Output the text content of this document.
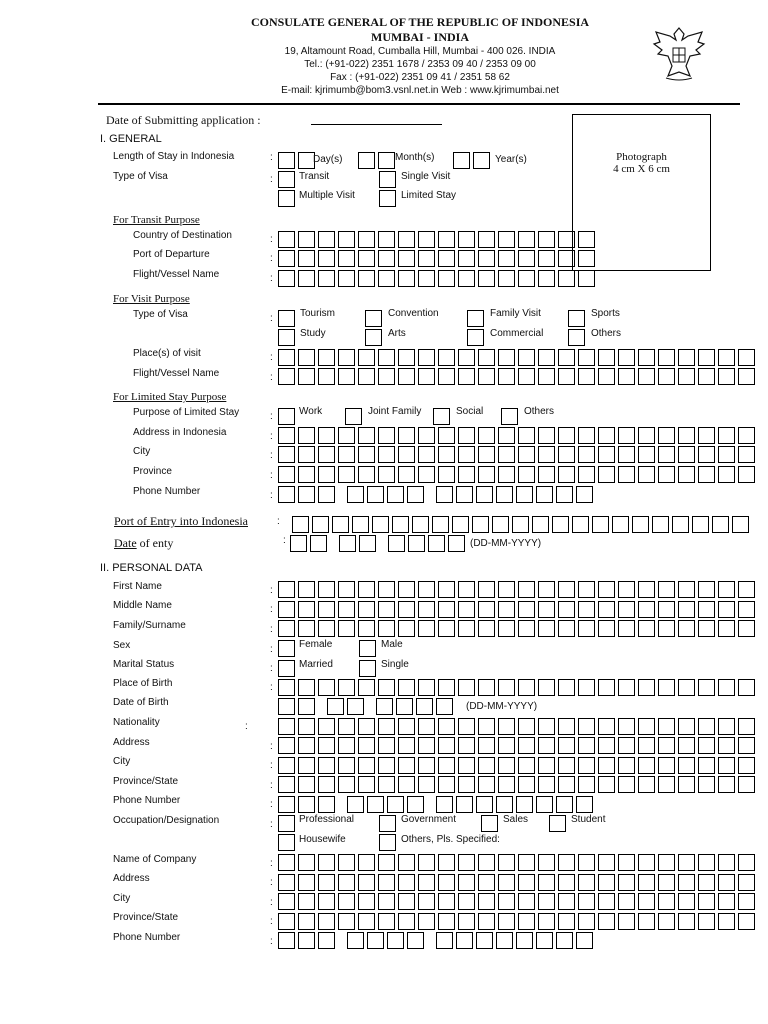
CONSULATE GENERAL OF THE REPUBLIC OF INDONESIA
MUMBAI - INDIA
19, Altamount Road, Cumballa Hill, Mumbai - 400 026. INDIA
Tel.: (+91-022) 2351 1678 / 2353 09 40 / 2353 09 00
Fax : (+91-022) 2351 09 41 / 2351 58 62
E-mail: kjrimumb@bom3.vsnl.net.in Web : www.kjrimumbai.net
Date of Submitting application :
Photograph
4 cm X 6 cm
I. GENERAL
Length of Stay in Indonesia	:	Day(s)	Month(s)	Year(s)
Type of Visa	:	Transit	Single Visit
Multiple Visit	Limited Stay
For Transit Purpose
Country of Destination	:
Port of Departure	:
Flight/Vessel Name	:
For Visit Purpose
Type of Visa	:	Tourism	Convention	Family Visit	Sports
Study	Arts	Commercial	Others
Place(s) of visit	:
Flight/Vessel Name	:
For Limited Stay Purpose
Purpose of Limited Stay	:	Work	Joint Family	Social	Others
Address in Indonesia	:
City	:
Province	:
Phone Number	:
Port of Entry into Indonesia	:
Date of enty	:	(DD-MM-YYYY)
II. PERSONAL DATA
First Name	:
Middle Name	:
Family/Surname	:
Sex	:	Female	Male
Marital Status	:	Married	Single
Place of Birth	:
Date of Birth	(DD-MM-YYYY)
Nationality	:
Address	:
City	:
Province/State	:
Phone Number	:
Occupation/Designation	:	Professional	Government	Sales	Student
Housewife	Others, Pls. Specified:
Name of Company	:
Address	:
City	:
Province/State	:
Phone Number	:
